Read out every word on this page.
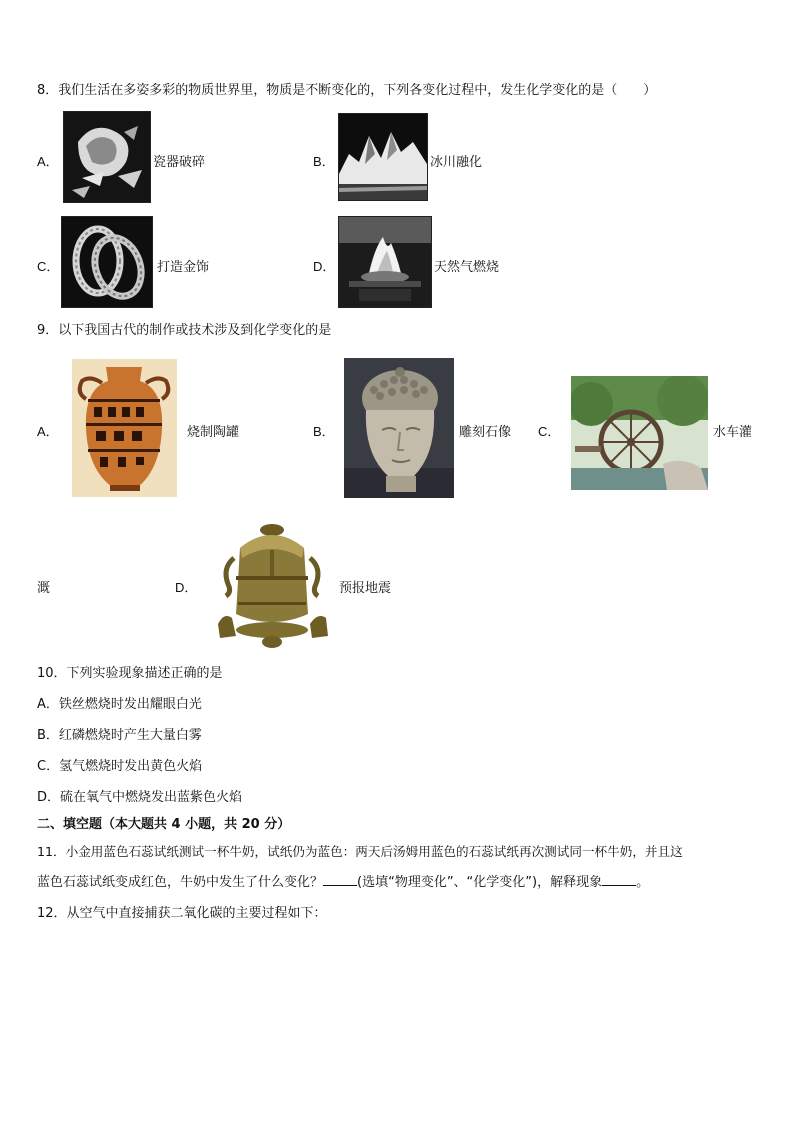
8．我们生活在多姿多彩的物质世界里，物质是不断变化的，下列各变化过程中，发生化学变化的是（　　）
A．	瓷器破碎	B．	冰川融化
C．	打造金饰	D．	天然气燃烧
9．以下我国古代的制作或技术涉及到化学变化的是
A．	烧制陶罐	B．	雕刻石像 C．	水车灌
溉	D．	预报地震
10．下列实验现象描述正确的是
A．铁丝燃烧时发出耀眼白光
B．红磷燃烧时产生大量白雾
C．氢气燃烧时发出黄色火焰
D．硫在氧气中燃烧发出蓝紫色火焰
二、填空题（本大题共 4 小题，共 20 分）
11．小金用蓝色石蕊试纸测试一杯牛奶，试纸仍为蓝色：两天后汤姆用蓝色的石蕊试纸再次测试同一杯牛奶，并且这
蓝色石蕊试纸变成红色，牛奶中发生了什么变化？	(选填“物理变化”、“化学变化”)，解释现象	。
12．从空气中直接捕获二氧化碳的主要过程如下：
